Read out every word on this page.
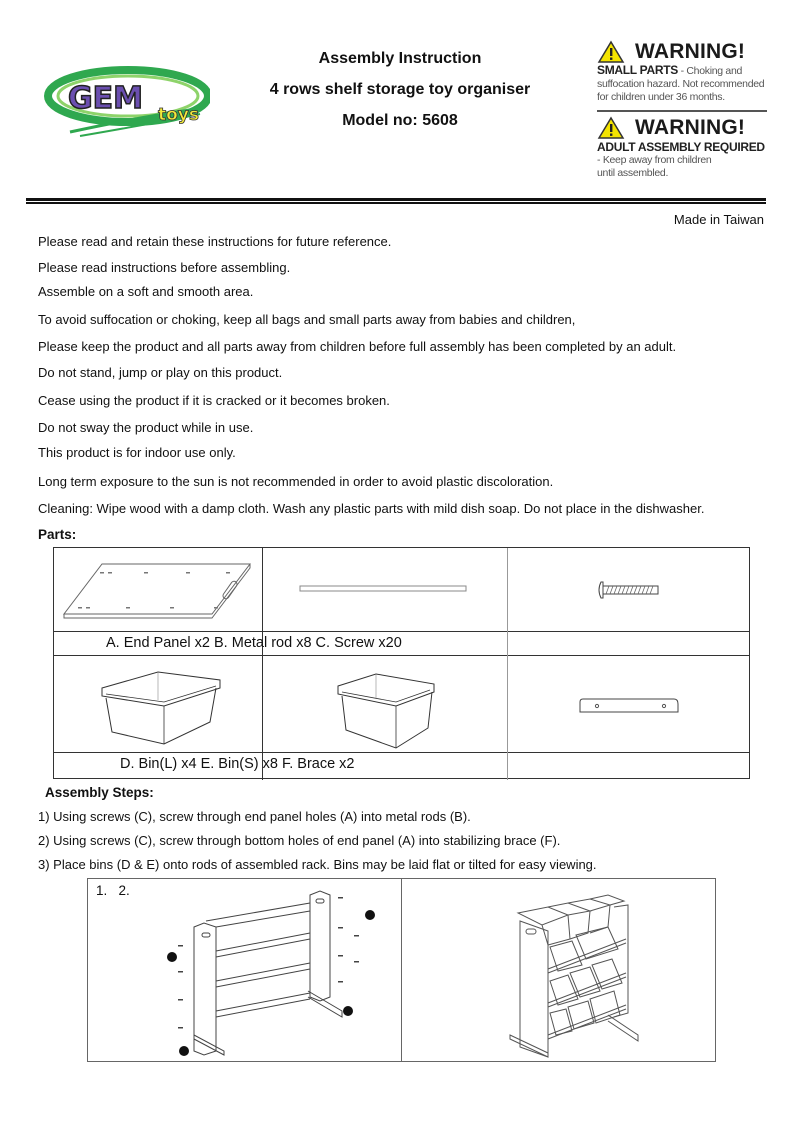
GEM toys
Assembly Instruction
4 rows shelf storage toy organiser
Model no: 5608
WARNING!
SMALL PARTS - Choking and suffocation hazard. Not recommended for children under 36 months.
WARNING!
ADULT ASSEMBLY REQUIRED
- Keep away from children until assembled.
Made in Taiwan
Please read and retain these instructions for future reference.
Please read instructions before assembling.
Assemble on a soft and smooth area.
To avoid suffocation or choking, keep all bags and small parts away from babies and children,
Please keep the product and all parts away from children before full assembly has been completed by an adult.
Do not stand, jump or play on this product.
Cease using the product if it is cracked or it becomes broken.
Do not sway the product while in use.
This product is for indoor use only.
Long term exposure to the sun is not recommended in order to avoid plastic discoloration.
Cleaning: Wipe wood with a damp cloth. Wash any plastic parts with mild dish soap. Do not place in the dishwasher.
Parts:
A. End Panel x2 B. Metal rod x8 C. Screw x20
D. Bin(L) x4 E. Bin(S) x8 F. Brace x2
Assembly Steps:
1) Using screws (C), screw through end panel holes (A) into metal rods (B).
2) Using screws (C), screw through bottom holes of end panel (A) into stabilizing brace (F).
3) Place bins (D & E) onto rods of assembled rack. Bins may be laid flat or tilted for easy viewing.
1.   2.
